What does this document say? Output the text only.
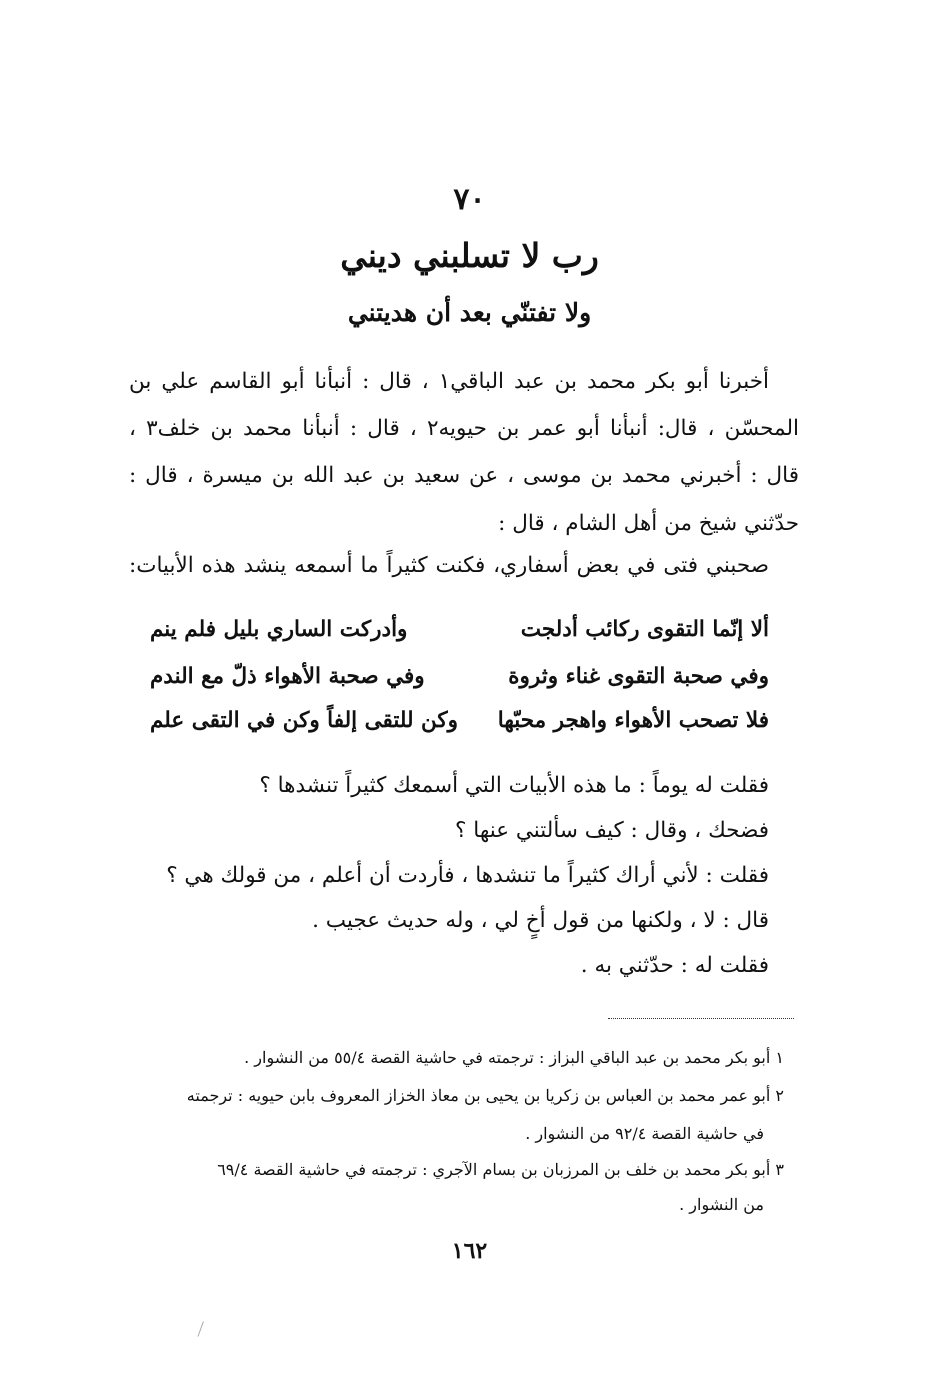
٧٠
رب لا تسلبني ديني
ولا تفتنّي بعد أن هديتني
أخبرنا أبو بكر محمد بن عبد الباقي١ ، قال : أنبأنا أبو القاسم علي بن
المحسّن ، قال: أنبأنا أبو عمر بن حيويه٢ ، قال : أنبأنا محمد بن خلف٣ ،
قال : أخبرني محمد بن موسى ، عن سعيد بن عبد الله بن ميسرة ، قال :
حدّثني شيخ من أهل الشام ، قال :
صحبني فتى في بعض أسفاري، فكنت كثيراً ما أسمعه ينشد هذه الأبيات:
ألا إنّما التقوى ركائب أدلجت
وأدركت الساري بليل فلم ينم
وفي صحبة التقوى غناء وثروة
وفي صحبة الأهواء ذلّ مع الندم
فلا تصحب الأهواء واهجر محبّها
وكن للتقى إلفاً وكن في التقى علم
فقلت له يوماً : ما هذه الأبيات التي أسمعك كثيراً تنشدها ؟
فضحك ، وقال : كيف سألتني عنها ؟
فقلت : لأني أراك كثيراً ما تنشدها ، فأردت أن أعلم ، من قولك هي ؟
قال : لا ، ولكنها من قول أخٍ لي ، وله حديث عجيب .
فقلت له : حدّثني به .
١ أبو بكر محمد بن عبد الباقي البزاز : ترجمته في حاشية القصة ٥٥/٤ من النشوار .
٢ أبو عمر محمد بن العباس بن زكريا بن يحيى بن معاذ الخزاز المعروف بابن حيويه : ترجمته
في حاشية القصة ٩٢/٤ من النشوار .
٣ أبو بكر محمد بن خلف بن المرزبان بن بسام الآجري : ترجمته في حاشية القصة ٦٩/٤
من النشوار .
١٦٢
